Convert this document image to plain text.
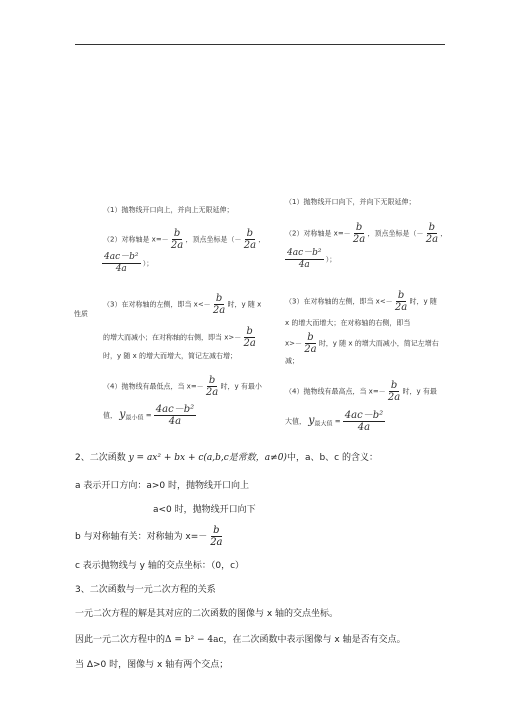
（1）抛物线开口向上，并向上无限延伸；
（2）对称轴是 $x=- \frac{b}{2a}$ ，顶点坐标是（－ $\frac{b}{2a}$ ，
$\frac{\text{4ac－b²}}{4a}$ ）；
性质
（3）在对称轴的左侧，即当 $x<- \frac{b}{2a}$ 时，y 随 x
的增大而减小；在对称轴的右侧，即当 $x>- \frac{b}{2a}$
时，y 随 x 的增大而增大，简记左减右增；
（4）抛物线有最低点，当 $x=- \frac{b}{2a}$ 时，y 有最小
值， y最小值 = $\frac{\text{4ac－b²}}{4a}$
（1）抛物线开口向下，并向下无限延伸；
（2）对称轴是 $x=- \frac{b}{2a}$ ，顶点坐标是（－ $\frac{b}{2a}$ ，
$\frac{\text{4ac－b²}}{4a}$ ）；
（3）在对称轴的左侧，即当 $x<- \frac{b}{2a}$ 时，y 随
x 的增大而增大；在对称轴的右侧，即当
$x>- \frac{b}{2a}$ 时，y 随 x 的增大而减小，简记左增右
减；
（4）抛物线有最高点，当 $x=- \frac{b}{2a}$ 时，y 有最
大值， y最大值 = $\frac{\text{4ac－b²}}{4a}$
2、二次函数 y = ax² + bx + c(a,b,c是常数，a≠0)中，a、b、c 的含义：
a 表示开口方向：a>0 时，抛物线开口向上
a<0 时，抛物线开口向下
b 与对称轴有关：对称轴为 $x=- \frac{b}{2a}$
c 表示抛物线与 y 轴的交点坐标：（0，c）
3、二次函数与一元二次方程的关系
一元二次方程的解是其对应的二次函数的图像与 x 轴的交点坐标。
因此一元二次方程中的Δ = b² − 4ac，在二次函数中表示图像与 x 轴是否有交点。
当 Δ>0 时，图像与 x 轴有两个交点；
